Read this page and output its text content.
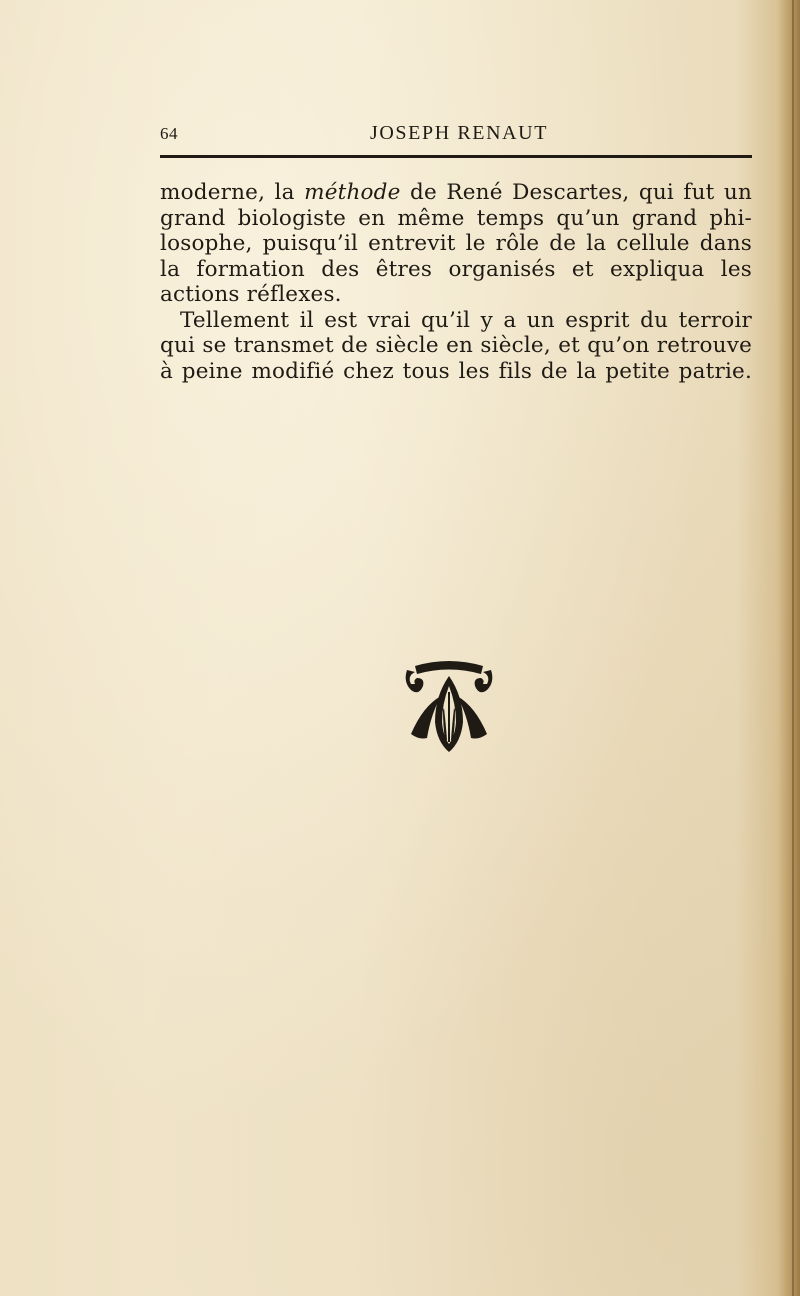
64	JOSEPH RENAUT
moderne, la méthode de René Descartes, qui fut un
grand biologiste en même temps qu’un grand phi-
losophe, puisqu’il entrevit le rôle de la cellule dans
la formation des êtres organisés et expliqua les
actions réflexes.
Tellement il est vrai qu’il y a un esprit du terroir
qui se transmet de siècle en siècle, et qu’on retrouve
à peine modifié chez tous les fils de la petite patrie.
